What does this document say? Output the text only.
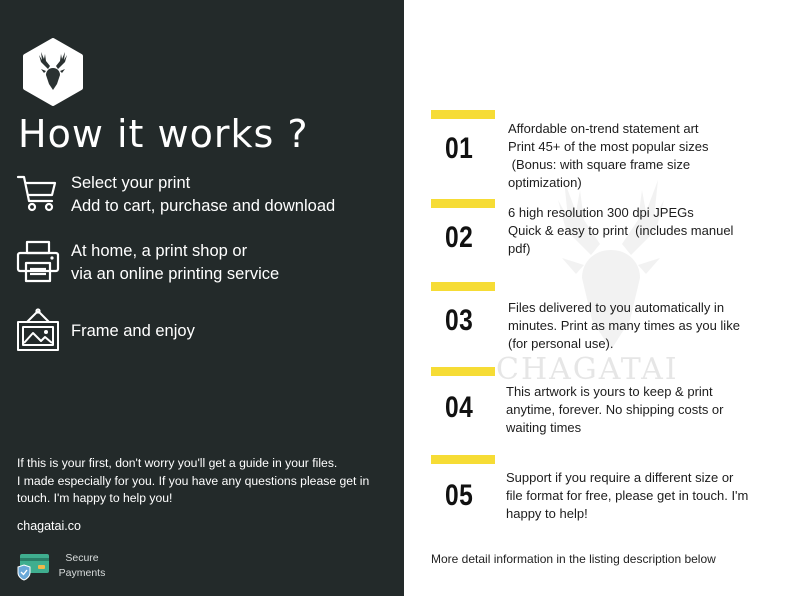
How it works ?
Select your print
Add to cart, purchase and download
At home, a print shop or
via an online printing service
Frame and enjoy
If this is your first, don't worry you'll get a guide in your files.
I made especially for you. If you have any questions please get in
touch. I'm happy to help you!
chagatai.co
Secure
Payments
CHAGATAI
01
Affordable on-trend statement art
Print 45+ of the most popular sizes
(Bonus: with square frame size
optimization)
02
6 high resolution 300 dpi JPEGs
Quick & easy to print  (includes manuel
pdf)
03	Files delivered to you automatically in
minutes. Print as many times as you like
(for personal use).
04	This artwork is yours to keep & print
anytime, forever. No shipping costs or
waiting times
05
Support if you require a different size or
file format for free, please get in touch. I'm
happy to help!
More detail information in the listing description below
